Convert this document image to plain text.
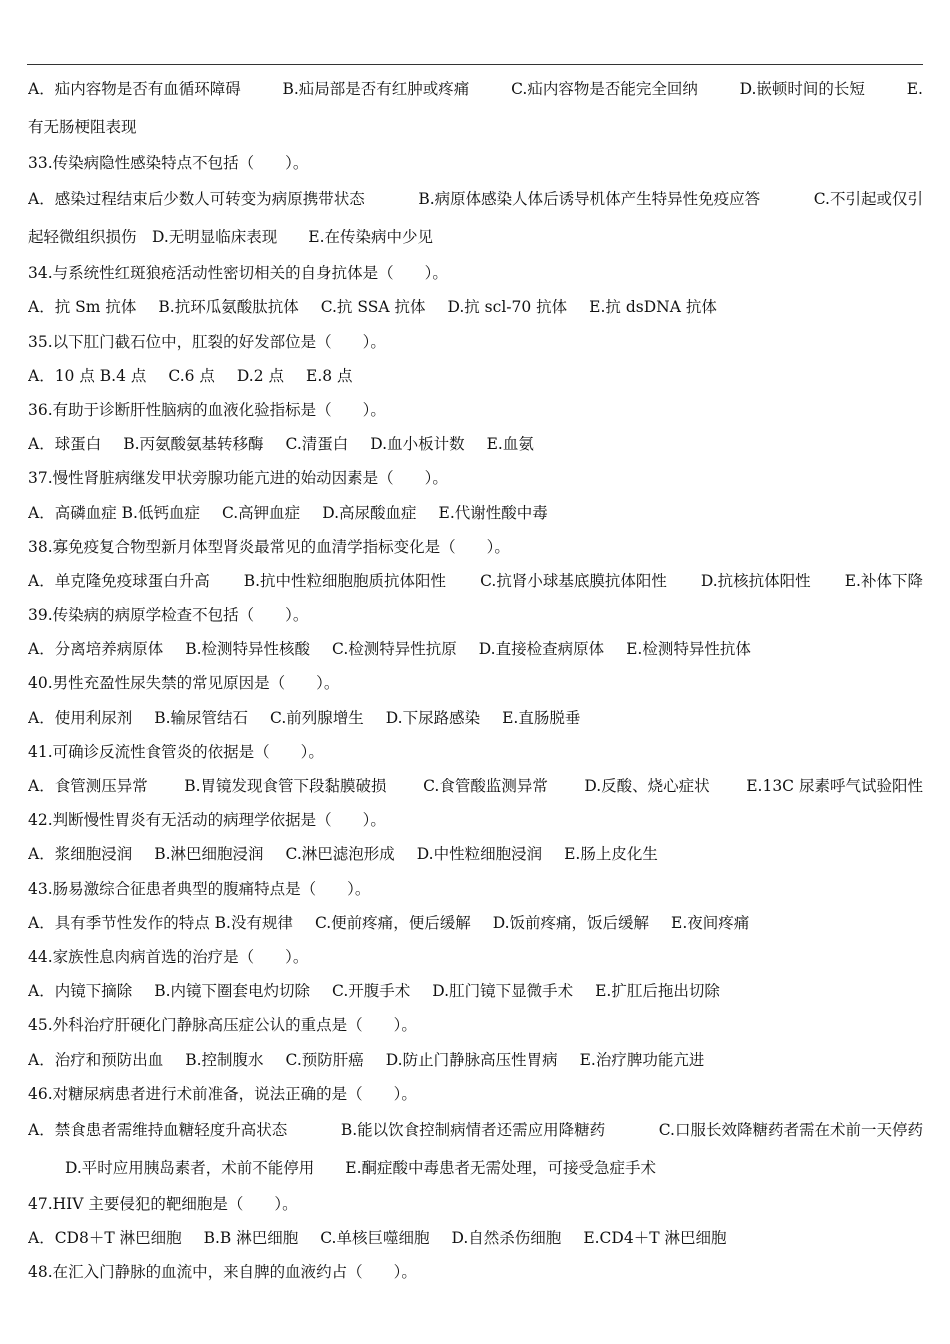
A．疝内容物是否有血循环障碍	B.疝局部是否有红肿或疼痛	C.疝内容物是否能完全回纳	D.嵌顿时间的长短	E.
有无肠梗阻表现
33.传染病隐性感染特点不包括（　　）。
A．感染过程结束后少数人可转变为病原携带状态	B.病原体感染人体后诱导机体产生特异性免疫应答	C.不引起或仅引
起轻微组织损伤　D.无明显临床表现　　E.在传染病中少见
34.与系统性红斑狼疮活动性密切相关的自身抗体是（　　）。
A．抗 Sm 抗体 B.抗环瓜氨酸肽抗体 C.抗 SSA 抗体 D.抗 scl-70 抗体 E.抗 dsDNA 抗体
35.以下肛门截石位中，肛裂的好发部位是（　　）。
A．10 点 B.4 点 C.6 点 D.2 点 E.8 点
36.有助于诊断肝性脑病的血液化验指标是（　　）。
A．球蛋白 B.丙氨酸氨基转移酶 C.清蛋白 D.血小板计数 E.血氨
37.慢性肾脏病继发甲状旁腺功能亢进的始动因素是（　　）。
A．高磷血症 B.低钙血症 C.高钾血症 D.高尿酸血症 E.代谢性酸中毒
38.寡免疫复合物型新月体型肾炎最常见的血清学指标变化是（　　）。
A．单克隆免疫球蛋白升高 B.抗中性粒细胞胞质抗体阳性 C.抗肾小球基底膜抗体阳性 D.抗核抗体阳性 E.补体下降
39.传染病的病原学检查不包括（　　）。
A．分离培养病原体 B.检测特异性核酸 C.检测特异性抗原 D.直接检查病原体 E.检测特异性抗体
40.男性充盈性尿失禁的常见原因是（　　）。
A．使用利尿剂 B.输尿管结石 C.前列腺增生 D.下尿路感染 E.直肠脱垂
41.可确诊反流性食管炎的依据是（　　）。
A．食管测压异常 B.胃镜发现食管下段黏膜破损 C.食管酸监测异常 D.反酸、烧心症状 E.13C 尿素呼气试验阳性
42.判断慢性胃炎有无活动的病理学依据是（　　）。
A．浆细胞浸润 B.淋巴细胞浸润 C.淋巴滤泡形成 D.中性粒细胞浸润 E.肠上皮化生
43.肠易激综合征患者典型的腹痛特点是（　　）。
A．具有季节性发作的特点 B.没有规律 C.便前疼痛，便后缓解 D.饭前疼痛，饭后缓解 E.夜间疼痛
44.家族性息肉病首选的治疗是（　　）。
A．内镜下摘除 B.内镜下圈套电灼切除 C.开腹手术 D.肛门镜下显微手术 E.扩肛后拖出切除
45.外科治疗肝硬化门静脉高压症公认的重点是（　　）。
A．治疗和预防出血 B.控制腹水 C.预防肝癌 D.防止门静脉高压性胃病 E.治疗脾功能亢进
46.对糖尿病患者进行术前准备，说法正确的是（　　）。
A．禁食患者需维持血糖轻度升高状态	B.能以饮食控制病情者还需应用降糖药	C.口服长效降糖药者需在术前一天停药
D.平时应用胰岛素者，术前不能停用　　E.酮症酸中毒患者无需处理，可接受急症手术
47.HIV 主要侵犯的靶细胞是（　　）。
A．CD8＋T 淋巴细胞 B.B 淋巴细胞 C.单核巨噬细胞 D.自然杀伤细胞 E.CD4＋T 淋巴细胞
48.在汇入门静脉的血流中，来自脾的血液约占（　　）。
